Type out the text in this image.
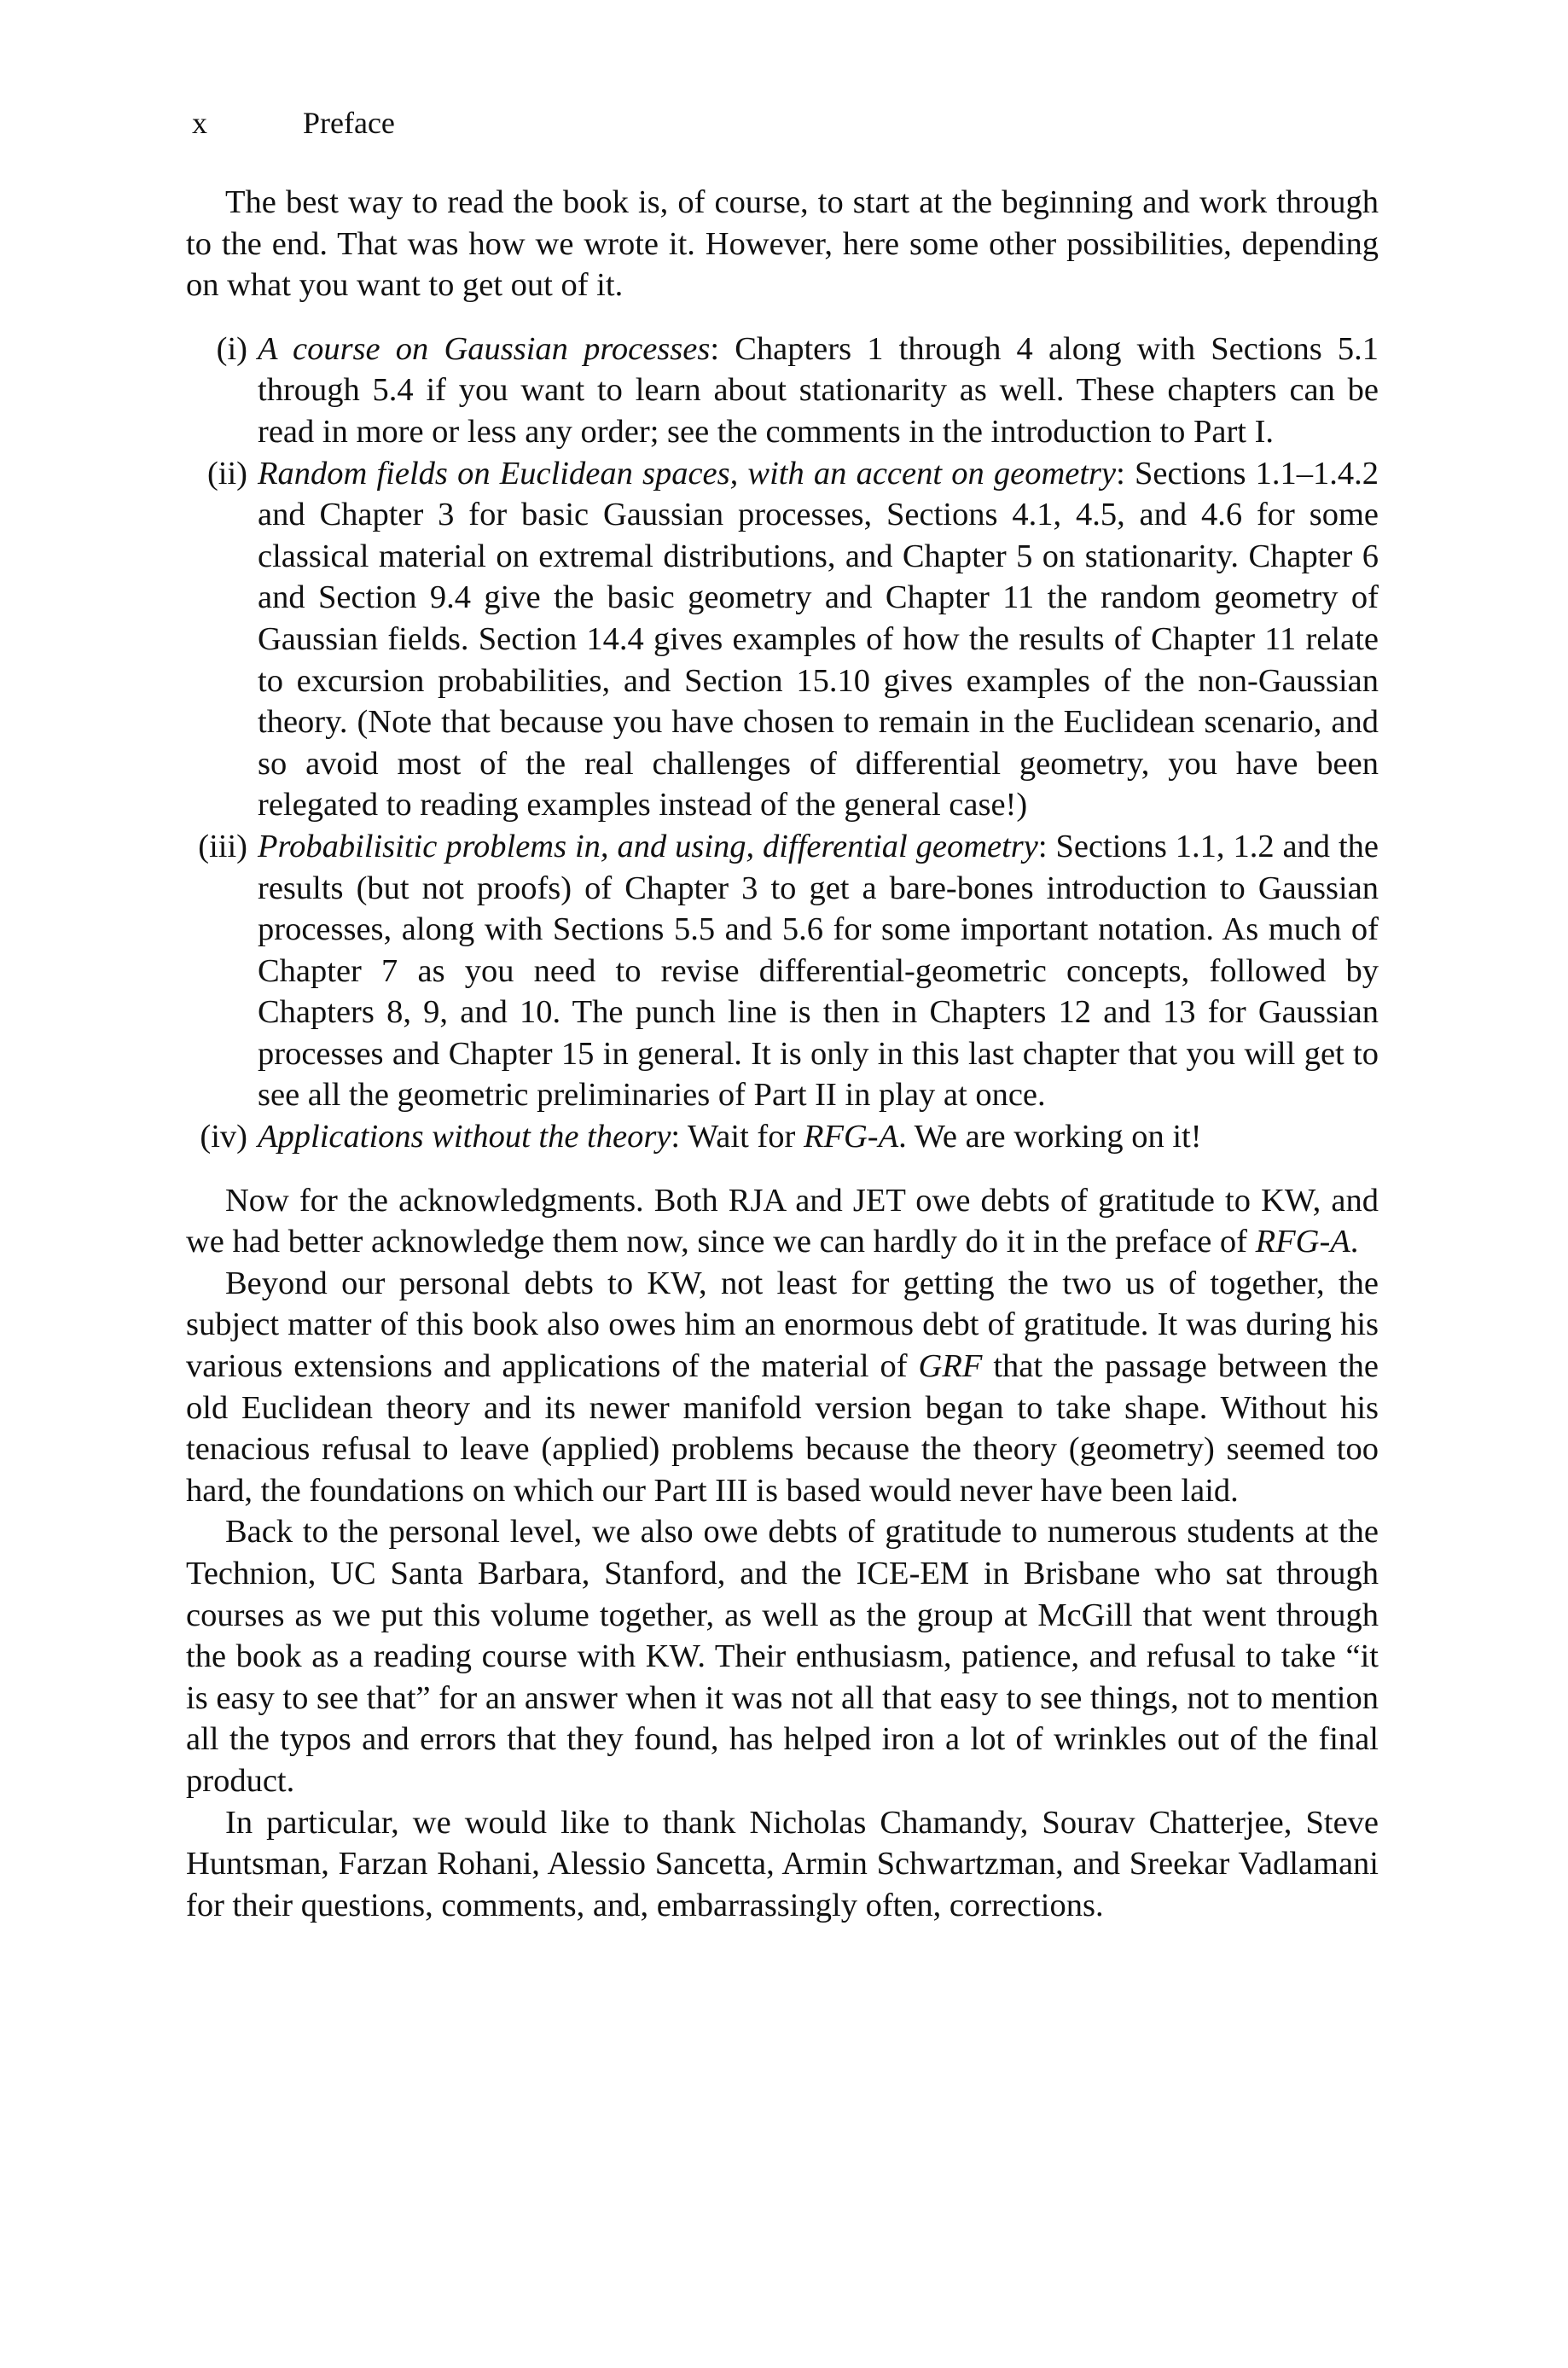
x	Preface

The best way to read the book is, of course, to start at the beginning and work through to the end. That was how we wrote it. However, here some other possibilities, depending on what you want to get out of it.

(i) A course on Gaussian processes: Chapters 1 through 4 along with Sections 5.1 through 5.4 if you want to learn about stationarity as well. These chapters can be read in more or less any order; see the comments in the introduction to Part I.
(ii) Random fields on Euclidean spaces, with an accent on geometry: Sections 1.1–1.4.2 and Chapter 3 for basic Gaussian processes, Sections 4.1, 4.5, and 4.6 for some classical material on extremal distributions, and Chapter 5 on stationarity. Chapter 6 and Section 9.4 give the basic geometry and Chapter 11 the random geometry of Gaussian fields. Section 14.4 gives examples of how the results of Chapter 11 relate to excursion probabilities, and Section 15.10 gives examples of the non-Gaussian theory. (Note that because you have chosen to remain in the Euclidean scenario, and so avoid most of the real challenges of differential geometry, you have been relegated to reading examples instead of the general case!)
(iii) Probabilisitic problems in, and using, differential geometry: Sections 1.1, 1.2 and the results (but not proofs) of Chapter 3 to get a bare-bones introduction to Gaussian processes, along with Sections 5.5 and 5.6 for some important notation. As much of Chapter 7 as you need to revise differential-geometric concepts, followed by Chapters 8, 9, and 10. The punch line is then in Chapters 12 and 13 for Gaussian processes and Chapter 15 in general. It is only in this last chapter that you will get to see all the geometric preliminaries of Part II in play at once.
(iv) Applications without the theory: Wait for RFG-A. We are working on it!

Now for the acknowledgments. Both RJA and JET owe debts of gratitude to KW, and we had better acknowledge them now, since we can hardly do it in the preface of RFG-A.

Beyond our personal debts to KW, not least for getting the two us of together, the subject matter of this book also owes him an enormous debt of gratitude. It was during his various extensions and applications of the material of GRF that the passage between the old Euclidean theory and its newer manifold version began to take shape. Without his tenacious refusal to leave (applied) problems because the theory (geometry) seemed too hard, the foundations on which our Part III is based would never have been laid.

Back to the personal level, we also owe debts of gratitude to numerous students at the Technion, UC Santa Barbara, Stanford, and the ICE-EM in Brisbane who sat through courses as we put this volume together, as well as the group at McGill that went through the book as a reading course with KW. Their enthusiasm, patience, and refusal to take “it is easy to see that” for an answer when it was not all that easy to see things, not to mention all the typos and errors that they found, has helped iron a lot of wrinkles out of the final product.

In particular, we would like to thank Nicholas Chamandy, Sourav Chatterjee, Steve Huntsman, Farzan Rohani, Alessio Sancetta, Armin Schwartzman, and Sreekar Vadlamani for their questions, comments, and, embarrassingly often, corrections.
